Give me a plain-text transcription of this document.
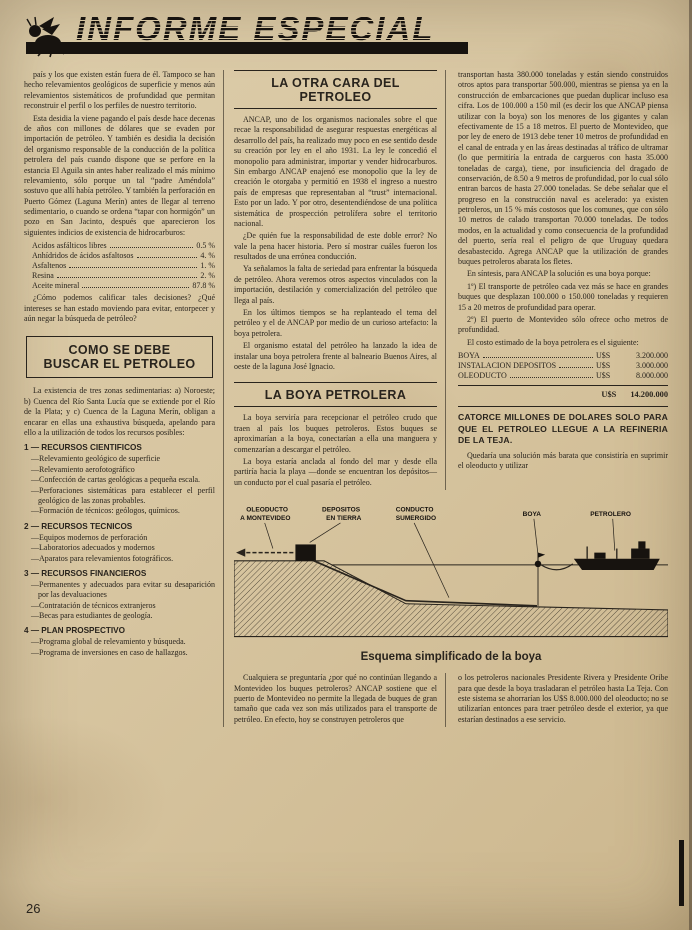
INFORME ESPECIAL

país y los que existen están fuera de él. Tampoco se han hecho relevamientos geológicos de superficie y menos aún relevamientos sistemáticos de profundidad que permitan reconstruir el perfil o los perfiles de nuestro territorio.

Esta desidia la viene pagando el país desde hace decenas de años con millones de dólares que se evaden por importación de petróleo. Y también es desidia la decisión del organismo responsable de la conducción de la política petrolera del país cuando dispone que se perfore en la estancia El Aguila sin antes haber realizado el más mínimo relevamiento, sólo porque un tal “padre Améndola” sostuvo que allí había petróleo. Y también la perforación en Puerto Gómez (Laguna Merín) antes de llegar al terreno sedimentario, o cuando se ordena “tapar con hormigón” un pozo en San Jacinto, después que aparecieron los siguientes indicios de existencia de hidrocarburos:

Acidos asfálticos libres	0.5 %
Anhídridos de ácidos asfaltosos	4. %
Asfaltenos	1. %
Resina	2. %
Aceite mineral	87.8 %

¿Cómo podemos calificar tales decisiones? ¿Qué intereses se han estado moviendo para evitar, entorpecer y aún negar la búsqueda de petróleo?

COMO SE DEBE BUSCAR EL PETROLEO

La existencia de tres zonas sedimentarias: a) Noroeste; b) Cuenca del Río Santa Lucía que se extiende por el Río de la Plata; y c) Cuenca de la Laguna Merín, obligan a encarar en ellas una exhaustiva búsqueda, apelando para ello a la utilización de todos los recursos posibles:

1 — RECURSOS CIENTIFICOS
—Relevamiento geológico de superficie
—Relevamiento aerofotográfico
—Confección de cartas geológicas a pequeña escala.
—Perforaciones sistemáticas para establecer el perfil geológico de las zonas probables.
—Formación de técnicos: geólogos, químicos.
2 — RECURSOS TECNICOS
—Equipos modernos de perforación
—Laboratorios adecuados y modernos
—Aparatos para relevamientos fotográficos.
3 — RECURSOS FINANCIEROS
—Permanentes y adecuados para evitar su desaparición por las devaluaciones
—Contratación de técnicos extranjeros
—Becas para estudiantes de geología.
4 — PLAN PROSPECTIVO
—Programa global de relevamiento y búsqueda.
—Programa de inversiones en caso de hallazgos.
LA OTRA CARA DEL PETROLEO

ANCAP, uno de los organismos nacionales sobre el que recae la responsabilidad de asegurar respuestas energéticas al desarrollo del país, ha realizado muy poco en ese sentido desde su creación por ley en el año 1931. La ley le concedió el monopolio para administrar, importar y vender hidrocarburos. Sin embargo ANCAP enajenó ese monopolio que la ley de creación le otorgaba y permitió en 1938 el ingreso a nuestro país de empresas que representaban al “trust” internacional. Esto por un lado. Y por otro, desentendiéndose de una política sistemática de prospección petrolífera sobre el territorio nacional.

¿De quién fue la responsabilidad de este doble error? No vale la pena hacer historia. Pero sí mostrar cuáles fueron los resultados de una errónea conducción.

Ya señalamos la falta de seriedad para enfrentar la búsqueda de petróleo. Ahora veremos otros aspectos vinculados con la importación, destilación y comercialización del petróleo que llega al país.

En los últimos tiempos se ha replanteado el tema del petróleo y el de ANCAP por medio de un curioso artefacto: la boya petrolera.

El organismo estatal del petróleo ha lanzado la idea de instalar una boya petrolera frente al balneario Buenos Aires, al oeste de la laguna José Ignacio.

LA BOYA PETROLERA

La boya serviría para recepcionar el petróleo crudo que traen al país los buques petroleros. Estos buques se aproximarían a la boya, conectarían a ella una manguera y comenzarían a descargar el petróleo.

La boya estaría anclada al fondo del mar y desde ella partiría hacia la playa —donde se encuentran los depósitos— un conducto por el cual pasaría el petróleo.

transportan hasta 380.000 toneladas y están siendo construidos otros aptos para transportar 500.000, mientras se piensa ya en la construcción de embarcaciones que puedan duplicar incluso esa cifra. Los de 100.000 a 150 mil (es decir los que ANCAP piensa utilizar con la boya) son los menores de los gigantes y calan efectivamente de 15 a 18 metros. El puerto de Montevideo, que por ley de enero de 1913 debe tener 10 metros de profundidad en el canal de entrada y en las áreas destinadas al tráfico de ultramar (lo que permitiría la entrada de cargueros con hasta 35.000 toneladas de carga), tiene, por insuficiencia del dragado de conservación, de 8.50 a 9 metros de profundidad, por lo cual sólo entran barcos de hasta 27.000 toneladas. Se debe señalar que el progreso en la construcción naval es acelerado: ya existen petroleros, un 15 % más costosos que los comunes, que con sólo 10 metros de calado transportan 70.000 toneladas. De todos modos, en la actualidad y como consecuencia de la profundidad del puerto, sería real el peligro de que Uruguay quedara desabastecido. Agrega ANCAP que la utilización de grandes buques petroleros abarata los fletes.

En síntesis, para ANCAP la solución es una boya porque:

1º) El transporte de petróleo cada vez más se hace en grandes buques que desplazan 100.000 o 150.000 toneladas y requieren 15 a 20 metros de profundidad para operar.

2º) El puerto de Montevideo sólo ofrece ocho metros de profundidad.

El costo estimado de la boya petrolera es el siguiente:

BOYA	U$S	3.200.000
INSTALACION DEPOSITOS	U$S	3.000.000
OLEODUCTO	U$S	8.000.000
U$S 14.200.000
CATORCE MILLONES DE DOLARES SOLO PARA QUE EL PETROLEO LLEGUE A LA REFINERIA DE LA TEJA.

Quedaría una solución más barata que consistiría en suprimir el oleoducto y utilizar

OLEODUCTO
A MONTEVIDEO
DEPOSITOS
EN TIERRA
CONDUCTO
SUMERGIDO
BOYA	PETROLERO
Esquema simplificado de la boya

Cualquiera se preguntaría ¿por qué no continúan llegando a Montevideo los buques petroleros? ANCAP sostiene que el puerto de Montevideo no permite la llegada de buques de gran tamaño que cada vez son más utilizados para el transporte de petróleo. En efecto, hoy se construyen petroleros que

o los petroleros nacionales Presidente Rivera y Presidente Oribe para que desde la boya trasladaran el petróleo hasta La Teja. Con este sistema se ahorrarían los U$S 8.000.000 del oleoducto; no se utilizarían entonces para traer petróleo desde el exterior, ya que estarían destinados a ese servicio.

26
